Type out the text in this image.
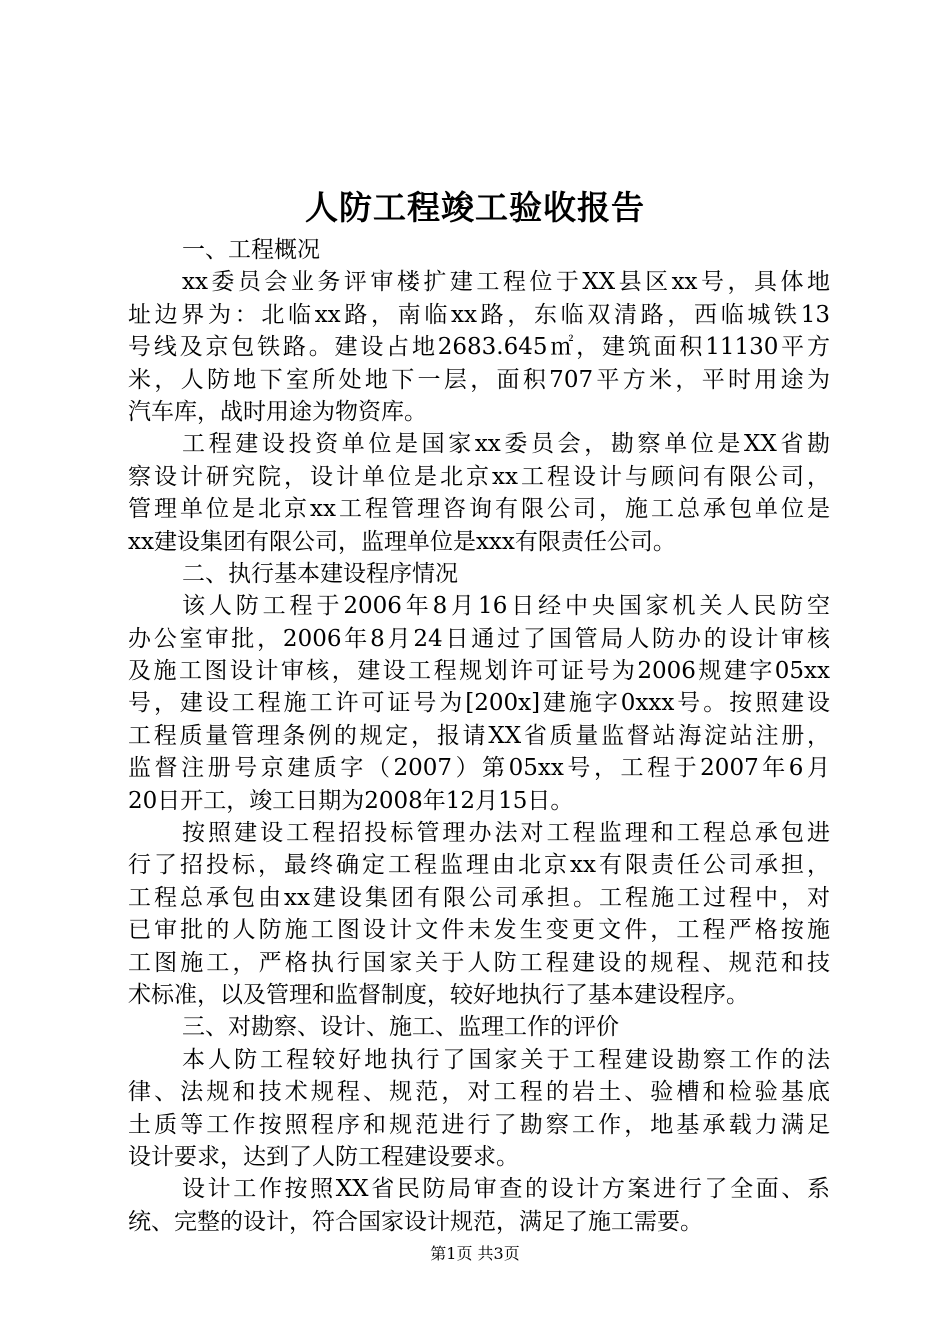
人防工程竣工验收报告
一、工程概况
xx委员会业务评审楼扩建工程位于XX县区xx号，具体地
址边界为：北临xx路，南临xx路，东临双清路，西临城铁13
号线及京包铁路。建设占地2683.645㎡，建筑面积11130平方
米，人防地下室所处地下一层，面积707平方米，平时用途为
汽车库，战时用途为物资库。
工程建设投资单位是国家xx委员会，勘察单位是XX省勘
察设计研究院，设计单位是北京xx工程设计与顾问有限公司，
管理单位是北京xx工程管理咨询有限公司，施工总承包单位是
xx建设集团有限公司，监理单位是xxx有限责任公司。
二、执行基本建设程序情况
该人防工程于2006年8月16日经中央国家机关人民防空
办公室审批，2006年8月24日通过了国管局人防办的设计审核
及施工图设计审核，建设工程规划许可证号为2006规建字05xx
号，建设工程施工许可证号为[200x]建施字0xxx号。按照建设
工程质量管理条例的规定，报请XX省质量监督站海淀站注册，
监督注册号京建质字（2007）第05xx号，工程于2007年6月
20日开工，竣工日期为2008年12月15日。
按照建设工程招投标管理办法对工程监理和工程总承包进
行了招投标，最终确定工程监理由北京xx有限责任公司承担，
工程总承包由xx建设集团有限公司承担。工程施工过程中，对
已审批的人防施工图设计文件未发生变更文件，工程严格按施
工图施工，严格执行国家关于人防工程建设的规程、规范和技
术标准，以及管理和监督制度，较好地执行了基本建设程序。
三、对勘察、设计、施工、监理工作的评价
本人防工程较好地执行了国家关于工程建设勘察工作的法
律、法规和技术规程、规范，对工程的岩土、验槽和检验基底
土质等工作按照程序和规范进行了勘察工作，地基承载力满足
设计要求，达到了人防工程建设要求。
设计工作按照XX省民防局审查的设计方案进行了全面、系
统、完整的设计，符合国家设计规范，满足了施工需要。
第1页 共3页
